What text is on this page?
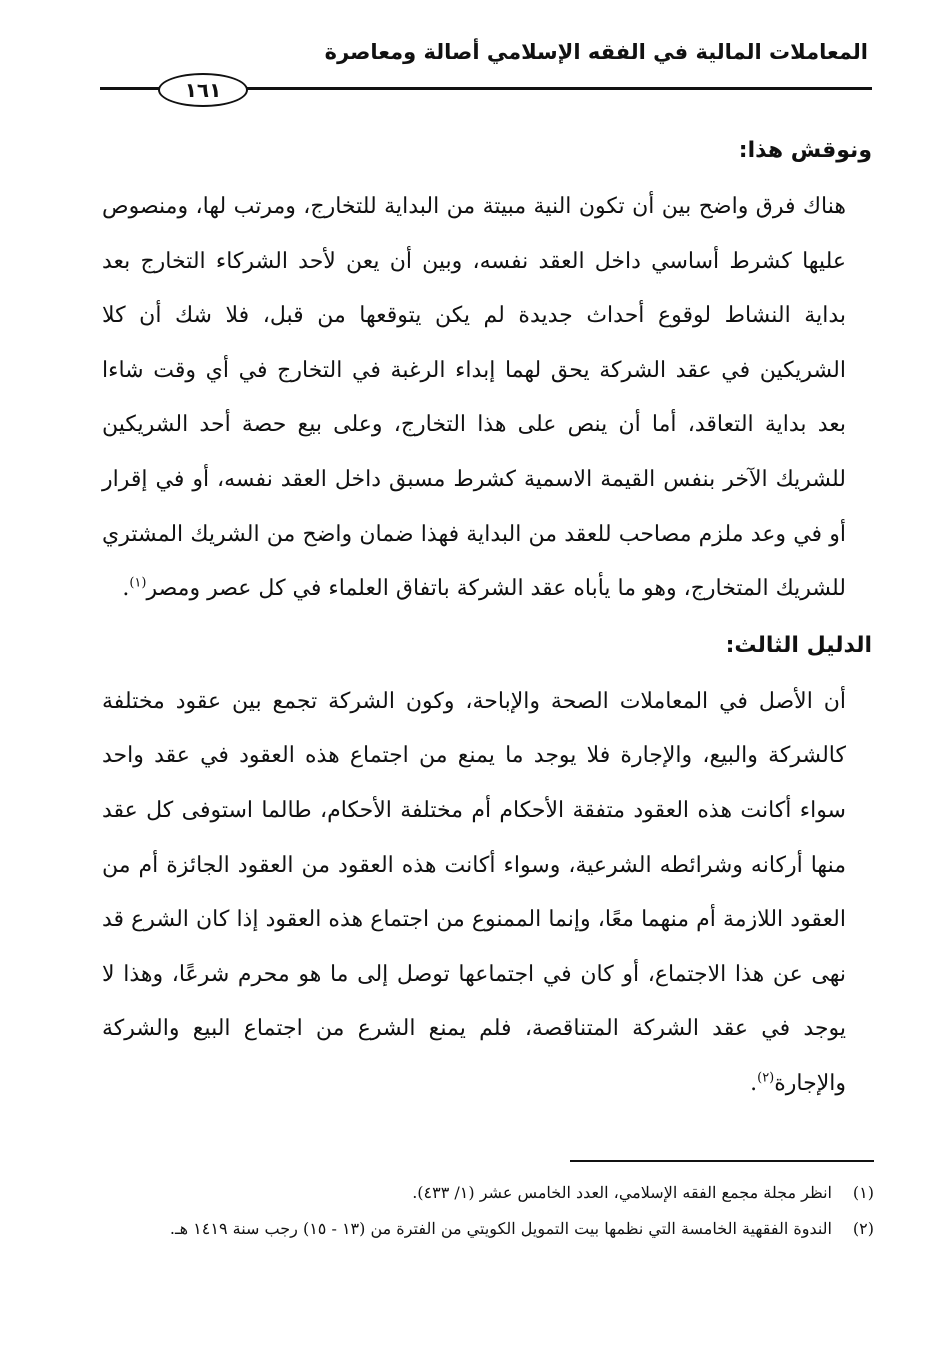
المعاملات المالية في الفقه الإسلامي أصالة ومعاصرة
١٦١

ونوقش هذا:

هناك فرق واضح بين أن تكون النية مبيتة من البداية للتخارج، ومرتب لها، ومنصوص عليها كشرط أساسي داخل العقد نفسه، وبين أن يعن لأحد الشركاء التخارج بعد بداية النشاط لوقوع أحداث جديدة لم يكن يتوقعها من قبل، فلا شك أن كلا الشريكين في عقد الشركة يحق لهما إبداء الرغبة في التخارج في أي وقت شاءا بعد بداية التعاقد، أما أن ينص على هذا التخارج، وعلى بيع حصة أحد الشريكين للشريك الآخر بنفس القيمة الاسمية كشرط مسبق داخل العقد نفسه، أو في إقرار أو في وعد ملزم مصاحب للعقد من البداية فهذا ضمان واضح من الشريك المشتري للشريك المتخارج، وهو ما يأباه عقد الشركة باتفاق العلماء في كل عصر ومصر$^{(١)}$.

الدليل الثالث:

أن الأصل في المعاملات الصحة والإباحة، وكون الشركة تجمع بين عقود مختلفة كالشركة والبيع، والإجارة فلا يوجد ما يمنع من اجتماع هذه العقود في عقد واحد سواء أكانت هذه العقود متفقة الأحكام أم مختلفة الأحكام، طالما استوفى كل عقد منها أركانه وشرائطه الشرعية، وسواء أكانت هذه العقود من العقود الجائزة أم من العقود اللازمة أم منهما معًا، وإنما الممنوع من اجتماع هذه العقود إذا كان الشرع قد نهى عن هذا الاجتماع، أو كان في اجتماعها توصل إلى ما هو محرم شرعًا، وهذا لا يوجد في عقد الشركة المتناقصة، فلم يمنع الشرع من اجتماع البيع والشركة والإجارة$^{(٢)}$.

(١)
انظر مجلة مجمع الفقه الإسلامي، العدد الخامس عشر (١/ ٤٣٣).

(٢)
الندوة الفقهية الخامسة التي نظمها بيت التمويل الكويتي من الفترة من (١٣ - ١٥) رجب سنة ١٤١٩ هـ.
